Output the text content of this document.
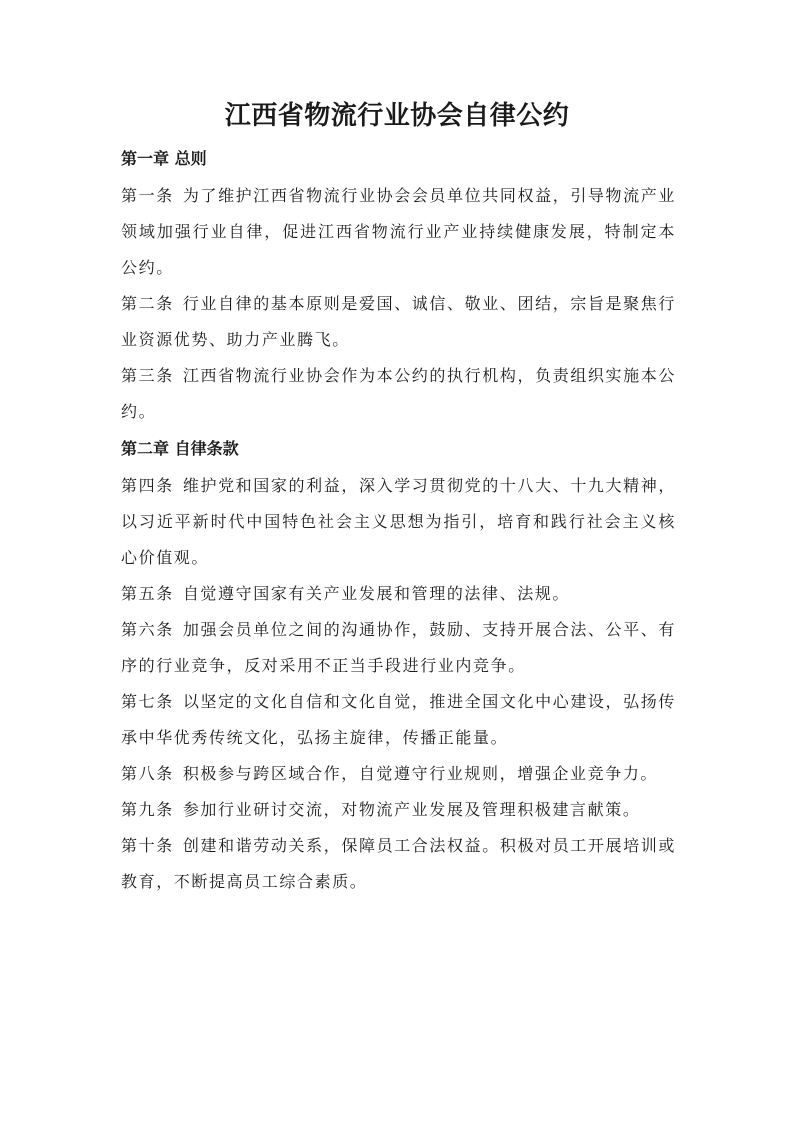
江西省物流行业协会自律公约
第一章 总则

第一条 为了维护江西省物流行业协会会员单位共同权益，引导物流产业领域加强行业自律，促进江西省物流行业产业持续健康发展，特制定本公约。

第二条 行业自律的基本原则是爱国、诚信、敬业、团结，宗旨是聚焦行业资源优势、助力产业腾飞。

第三条 江西省物流行业协会作为本公约的执行机构，负责组织实施本公约。

第二章 自律条款

第四条 维护党和国家的利益，深入学习贯彻党的十八大、十九大精神，以习近平新时代中国特色社会主义思想为指引，培育和践行社会主义核心价值观。

第五条 自觉遵守国家有关产业发展和管理的法律、法规。

第六条 加强会员单位之间的沟通协作，鼓励、支持开展合法、公平、有序的行业竞争，反对采用不正当手段进行业内竞争。

第七条 以坚定的文化自信和文化自觉，推进全国文化中心建设，弘扬传承中华优秀传统文化，弘扬主旋律，传播正能量。

第八条 积极参与跨区域合作，自觉遵守行业规则，增强企业竞争力。

第九条 参加行业研讨交流，对物流产业发展及管理积极建言献策。

第十条 创建和谐劳动关系，保障员工合法权益。积极对员工开展培训或教育，不断提高员工综合素质。
